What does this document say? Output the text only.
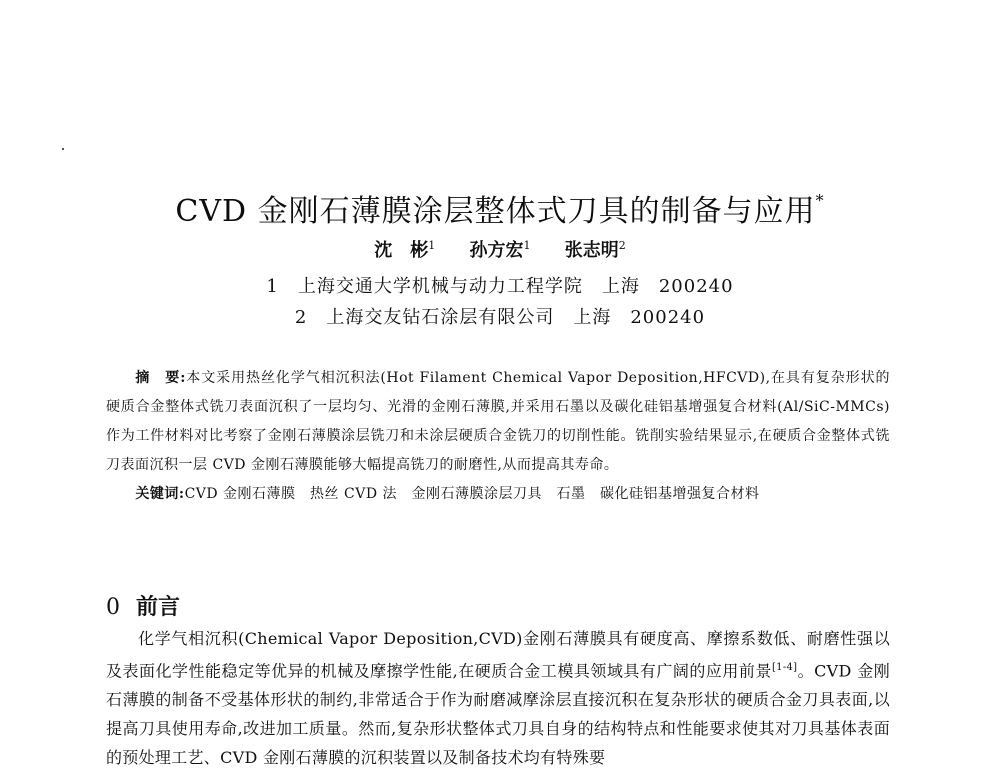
CVD 金刚石薄膜涂层整体式刀具的制备与应用*
沈　彬$^1$ 孙方宏$^1$ 张志明$^2$
1　上海交通大学机械与动力工程学院　上海　200240
2　上海交友钻石涂层有限公司　上海　200240

摘　要:本文采用热丝化学气相沉积法(Hot Filament Chemical Vapor Deposition,HFCVD),在具有复杂形状的硬质合金整体式铣刀表面沉积了一层均匀、光滑的金刚石薄膜,并采用石墨以及碳化硅铝基增强复合材料(Al/SiC-MMCs)作为工件材料对比考察了金刚石薄膜涂层铣刀和未涂层硬质合金铣刀的切削性能。铣削实验结果显示,在硬质合金整体式铣刀表面沉积一层 CVD 金刚石薄膜能够大幅提高铣刀的耐磨性,从而提高其寿命。

关键词:CVD 金刚石薄膜　热丝 CVD 法　金刚石薄膜涂层刀具　石墨　碳化硅铝基增强复合材料

0 前言

化学气相沉积(Chemical Vapor Deposition,CVD)金刚石薄膜具有硬度高、摩擦系数低、耐磨性强以及表面化学性能稳定等优异的机械及摩擦学性能,在硬质合金工模具领域具有广阔的应用前景[1-4]。CVD 金刚石薄膜的制备不受基体形状的制约,非常适合于作为耐磨减摩涂层直接沉积在复杂形状的硬质合金刀具表面,以提高刀具使用寿命,改进加工质量。然而,复杂形状整体式刀具自身的结构特点和性能要求使其对刀具基体表面的预处理工艺、CVD 金刚石薄膜的沉积装置以及制备技术均有特殊要
